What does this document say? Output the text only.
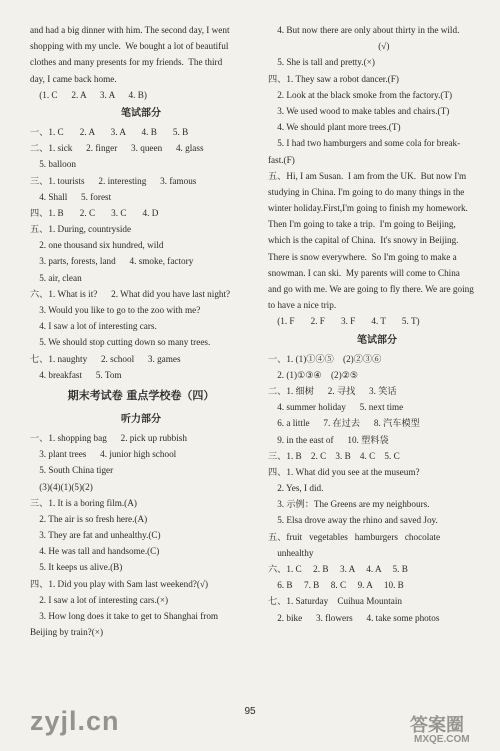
and had a big dinner with him. The second day, I went
shopping with my uncle.  We bought a lot of beautiful
clothes and many presents for my friends.  The third
day, I came back home.
(1. C      2. A      3. A      4. B)
笔试部分
一、1. C       2. A       3. A       4. B       5. B
二、1. sick      2. finger      3. queen      4. glass
5. balloon
三、1. tourists      2. interesting      3. famous
4. Shall      5. forest
四、1. B       2. C       3. C       4. D
五、1. During, countryside
2. one thousand six hundred, wild
3. parts, forests, land      4. smoke, factory
5. air, clean
六、1. What is it?      2. What did you have last night?
3. Would you like to go to the zoo with me?
4. I saw a lot of interesting cars.
5. We should stop cutting down so many trees.
七、1. naughty      2. school      3. games
4. breakfast      5. Tom
期末考试卷 重点学校卷（四）
听力部分
一、1. shopping bag      2. pick up rubbish
3. plant trees      4. junior high school
5. South China tiger
(3)(4)(1)(5)(2)
三、1. It is a boring film.(A)
2. The air is so fresh here.(A)
3. They are fat and unhealthy.(C)
4. He was tall and handsome.(C)
5. It keeps us alive.(B)
四、1. Did you play with Sam last weekend?(√)
2. I saw a lot of interesting cars.(×)
3. How long does it take to get to Shanghai from
Beijing by train?(×)
4. But now there are only about thirty in the wild.
(√)
5. She is tall and pretty.(×)
四、1. They saw a robot dancer.(F)
2. Look at the black smoke from the factory.(T)
3. We used wood to make tables and chairs.(T)
4. We should plant more trees.(T)
5. I had two hamburgers and some cola for break-
fast.(F)
五、Hi, I am Susan.  I am from the UK.  But now I'm
studying in China. I'm going to do many things in the
winter holiday.First,I'm going to finish my homework.
Then I'm going to take a trip.  I'm going to Beijing,
which is the capital of China.  It's snowy in Beijing.
There is snow everywhere.  So I'm going to make a
snowman. I can ski.  My parents will come to China
and go with me. We are going to fly there. We are going
to have a nice trip.
(1. F       2. F       3. F       4. T       5. T)
笔试部分
一、1. (1)①④⑤    (2)②③⑥
2. (1)①③④    (2)②⑤
二、1. 细树      2. 寻找      3. 笑话
4. summer holiday      5. next time
6. a little      7. 在过去      8. 汽车模型
9. in the east of      10. 塑料袋
三、1. B    2. C    3. B    4. C    5. C
四、1. What did you see at the museum?
2. Yes, I did.
3. 示例：The Greens are my neighbours.
5. Elsa drove away the rhino and saved Joy.
五、fruit   vegetables   hamburgers   chocolate
unhealthy
六、1. C     2. B     3. A     4. A     5. B
6. B     7. B     8. C     9. A     10. B
七、1. Saturday    Cuihua Mountain
2. bike      3. flowers      4. take some photos
95
zyjl.cn	答案圈
MXQE.COM
